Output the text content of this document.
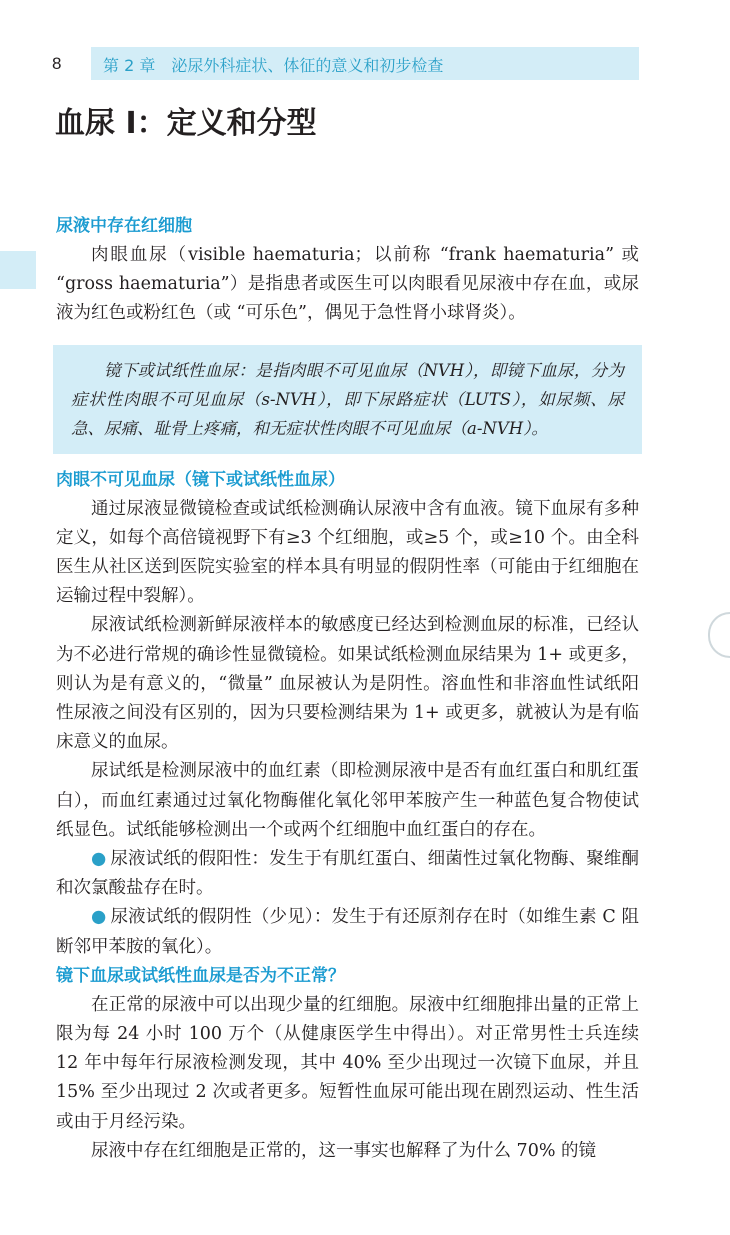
8	第 2 章　泌尿外科症状、体征的意义和初步检查
血尿 Ⅰ：定义和分型
尿液中存在红细胞

肉眼血尿（visible haematuria；以前称 “frank haematuria” 或 “gross haematuria”）是指患者或医生可以肉眼看见尿液中存在血，或尿液为红色或粉红色（或 “可乐色”，偶见于急性肾小球肾炎）。

镜下或试纸性血尿：是指肉眼不可见血尿（NVH），即镜下血尿，分为症状性肉眼不可见血尿（s-NVH），即下尿路症状（LUTS），如尿频、尿急、尿痛、耻骨上疼痛，和无症状性肉眼不可见血尿（a-NVH）。

肉眼不可见血尿（镜下或试纸性血尿）

通过尿液显微镜检查或试纸检测确认尿液中含有血液。镜下血尿有多种定义，如每个高倍镜视野下有≥3 个红细胞，或≥5 个，或≥10 个。由全科医生从社区送到医院实验室的样本具有明显的假阴性率（可能由于红细胞在运输过程中裂解）。

尿液试纸检测新鲜尿液样本的敏感度已经达到检测血尿的标准，已经认为不必进行常规的确诊性显微镜检。如果试纸检测血尿结果为 1+ 或更多，则认为是有意义的，“微量” 血尿被认为是阴性。溶血性和非溶血性试纸阳性尿液之间没有区别的，因为只要检测结果为 1+ 或更多，就被认为是有临床意义的血尿。

尿试纸是检测尿液中的血红素（即检测尿液中是否有血红蛋白和肌红蛋白），而血红素通过过氧化物酶催化氧化邻甲苯胺产生一种蓝色复合物使试纸显色。试纸能够检测出一个或两个红细胞中血红蛋白的存在。

● 尿液试纸的假阳性：发生于有肌红蛋白、细菌性过氧化物酶、聚维酮和次氯酸盐存在时。

● 尿液试纸的假阴性（少见）：发生于有还原剂存在时（如维生素 C 阻断邻甲苯胺的氧化）。

镜下血尿或试纸性血尿是否为不正常？

在正常的尿液中可以出现少量的红细胞。尿液中红细胞排出量的正常上限为每 24 小时 100 万个（从健康医学生中得出）。对正常男性士兵连续 12 年中每年行尿液检测发现，其中 40% 至少出现过一次镜下血尿，并且 15% 至少出现过 2 次或者更多。短暂性血尿可能出现在剧烈运动、性生活或由于月经污染。

尿液中存在红细胞是正常的，这一事实也解释了为什么 70% 的镜
